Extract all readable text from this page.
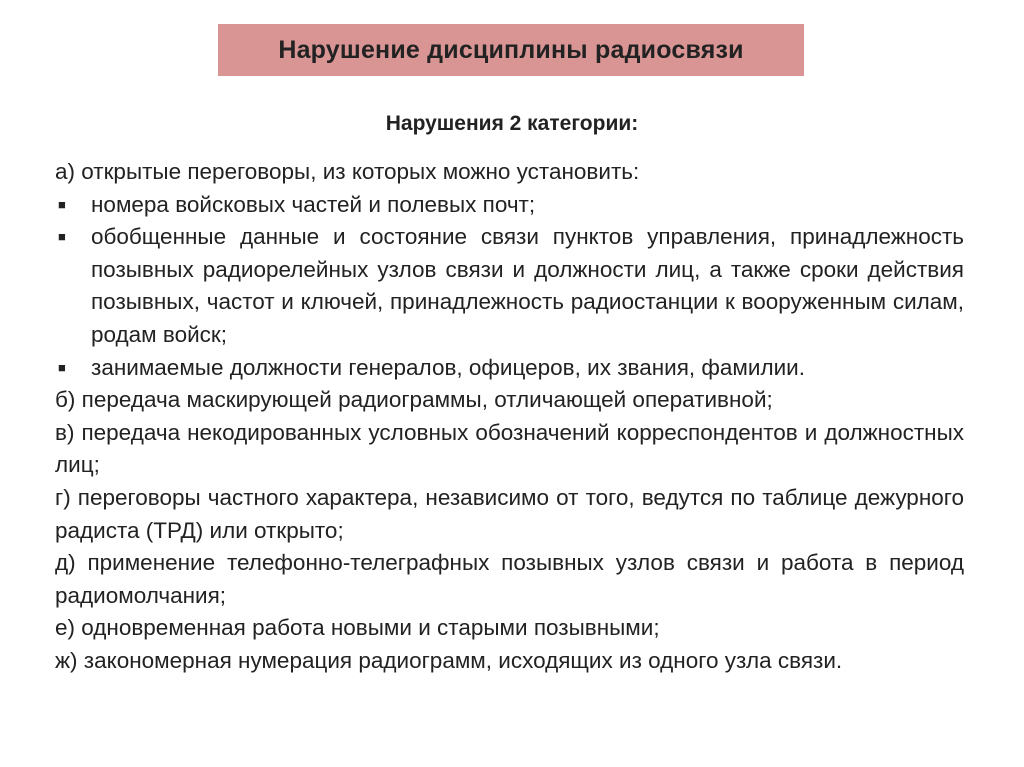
Нарушение дисциплины радиосвязи
Нарушения 2 категории:

а) открытые переговоры, из которых можно установить:

■	номера войсковых частей и полевых почт;
■	обобщенные данные и состояние связи пунктов управления, принадлежность позывных радиорелейных узлов связи и должности лиц, а также сроки действия позывных, частот и ключей, принадлежность радиостанции к вооруженным силам, родам войск;
■	занимаемые должности генералов, офицеров, их звания, фамилии.

б) передача маскирующей радиограммы, отличающей оперативной;

в) передача некодированных условных обозначений корреспондентов и должностных лиц;

г) переговоры частного характера, независимо от того, ведутся по таблице дежурного радиста (ТРД) или открыто;

д) применение телефонно-телеграфных позывных узлов связи и работа в период радиомолчания;

е) одновременная работа новыми и старыми позывными;

ж) закономерная нумерация радиограмм, исходящих из одного узла связи.
